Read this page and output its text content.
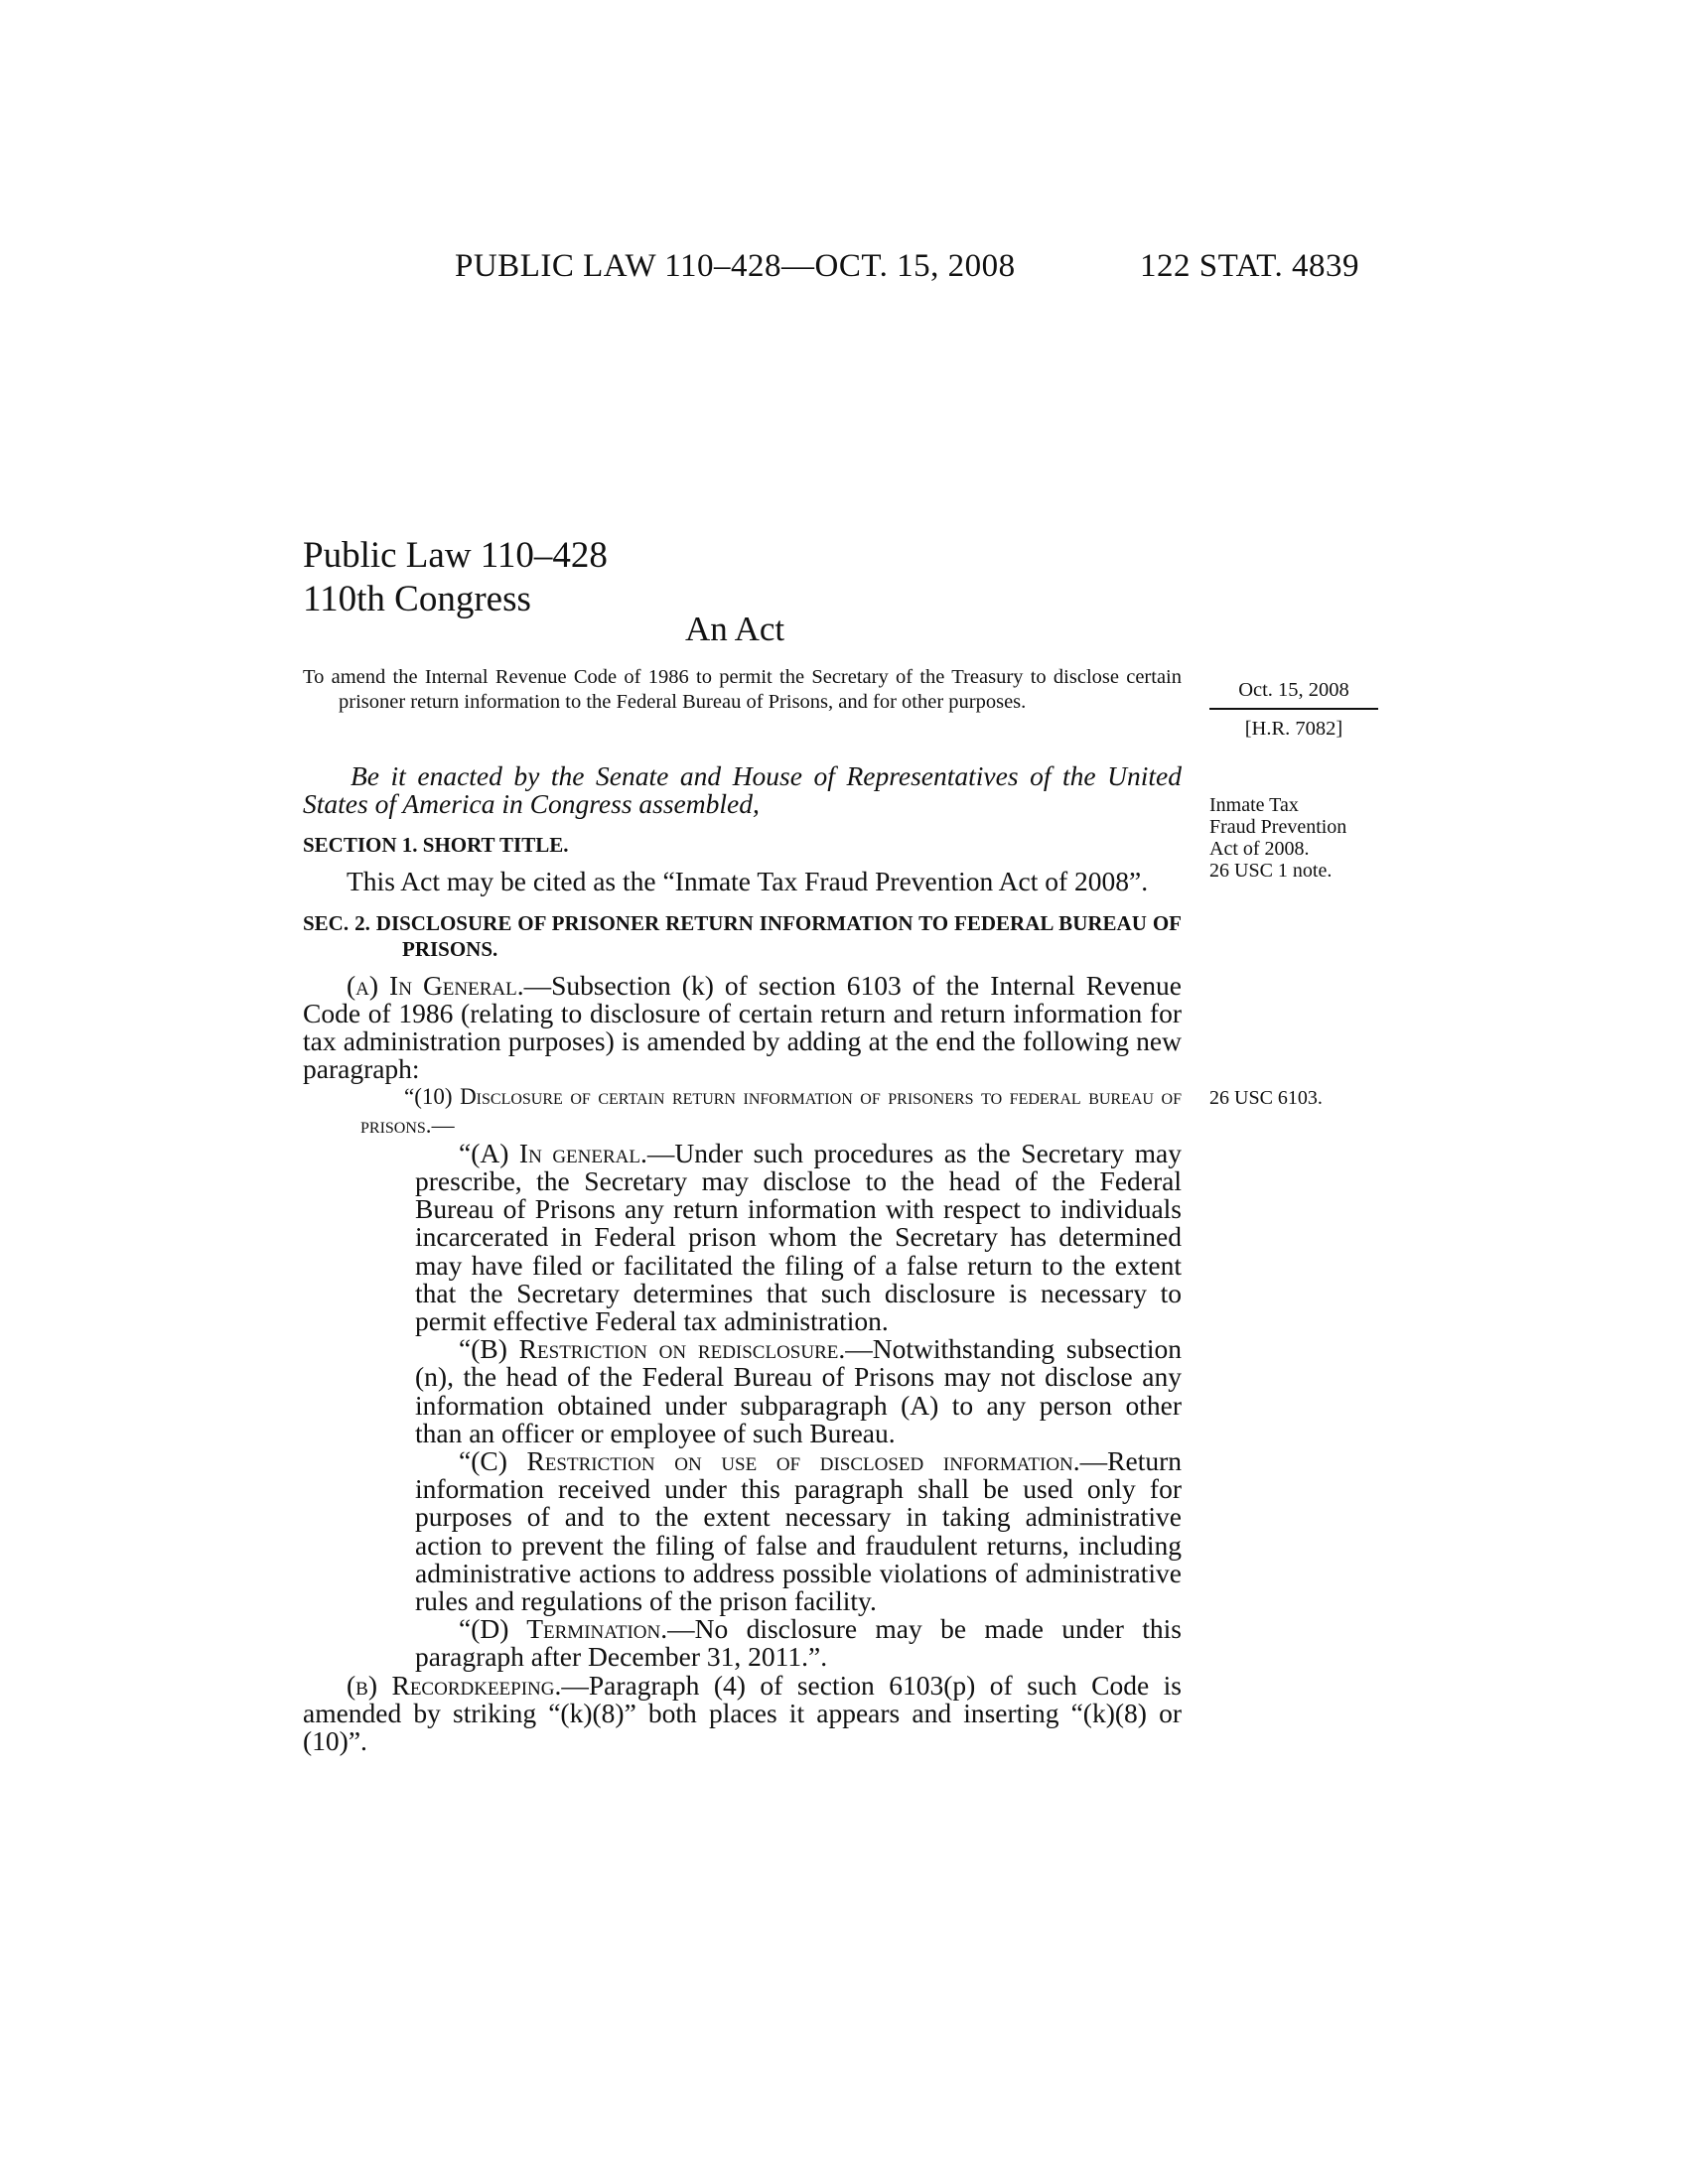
PUBLIC LAW 110–428—OCT. 15, 2008	122 STAT. 4839
Public Law 110–428
110th Congress
An Act

To amend the Internal Revenue Code of 1986 to permit the Secretary of the Treasury to disclose certain prisoner return information to the Federal Bureau of Prisons, and for other purposes.

Oct. 15, 2008
[H.R. 7082]
Inmate Tax
Fraud Prevention
Act of 2008.
26 USC 1 note.
26 USC 6103.

Be it enacted by the Senate and House of Representatives of the United States of America in Congress assembled,

SECTION 1. SHORT TITLE.

This Act may be cited as the “Inmate Tax Fraud Prevention Act of 2008”.

SEC. 2. DISCLOSURE OF PRISONER RETURN INFORMATION TO FEDERAL BUREAU OF PRISONS.

(a) In General.—Subsection (k) of section 6103 of the Internal Revenue Code of 1986 (relating to disclosure of certain return and return information for tax administration purposes) is amended by adding at the end the following new paragraph:

“(10) Disclosure of certain return information of prisoners to federal bureau of prisons.—

“(A) In general.—Under such procedures as the Secretary may prescribe, the Secretary may disclose to the head of the Federal Bureau of Prisons any return information with respect to individuals incarcerated in Federal prison whom the Secretary has determined may have filed or facilitated the filing of a false return to the extent that the Secretary determines that such disclosure is necessary to permit effective Federal tax administration.

“(B) Restriction on redisclosure.—Notwithstanding subsection (n), the head of the Federal Bureau of Prisons may not disclose any information obtained under subparagraph (A) to any person other than an officer or employee of such Bureau.

“(C) Restriction on use of disclosed information.—Return information received under this paragraph shall be used only for purposes of and to the extent necessary in taking administrative action to prevent the filing of false and fraudulent returns, including administrative actions to address possible violations of administrative rules and regulations of the prison facility.

“(D) Termination.—No disclosure may be made under this paragraph after December 31, 2011.”.

(b) Recordkeeping.—Paragraph (4) of section 6103(p) of such Code is amended by striking “(k)(8)” both places it appears and inserting “(k)(8) or (10)”.
